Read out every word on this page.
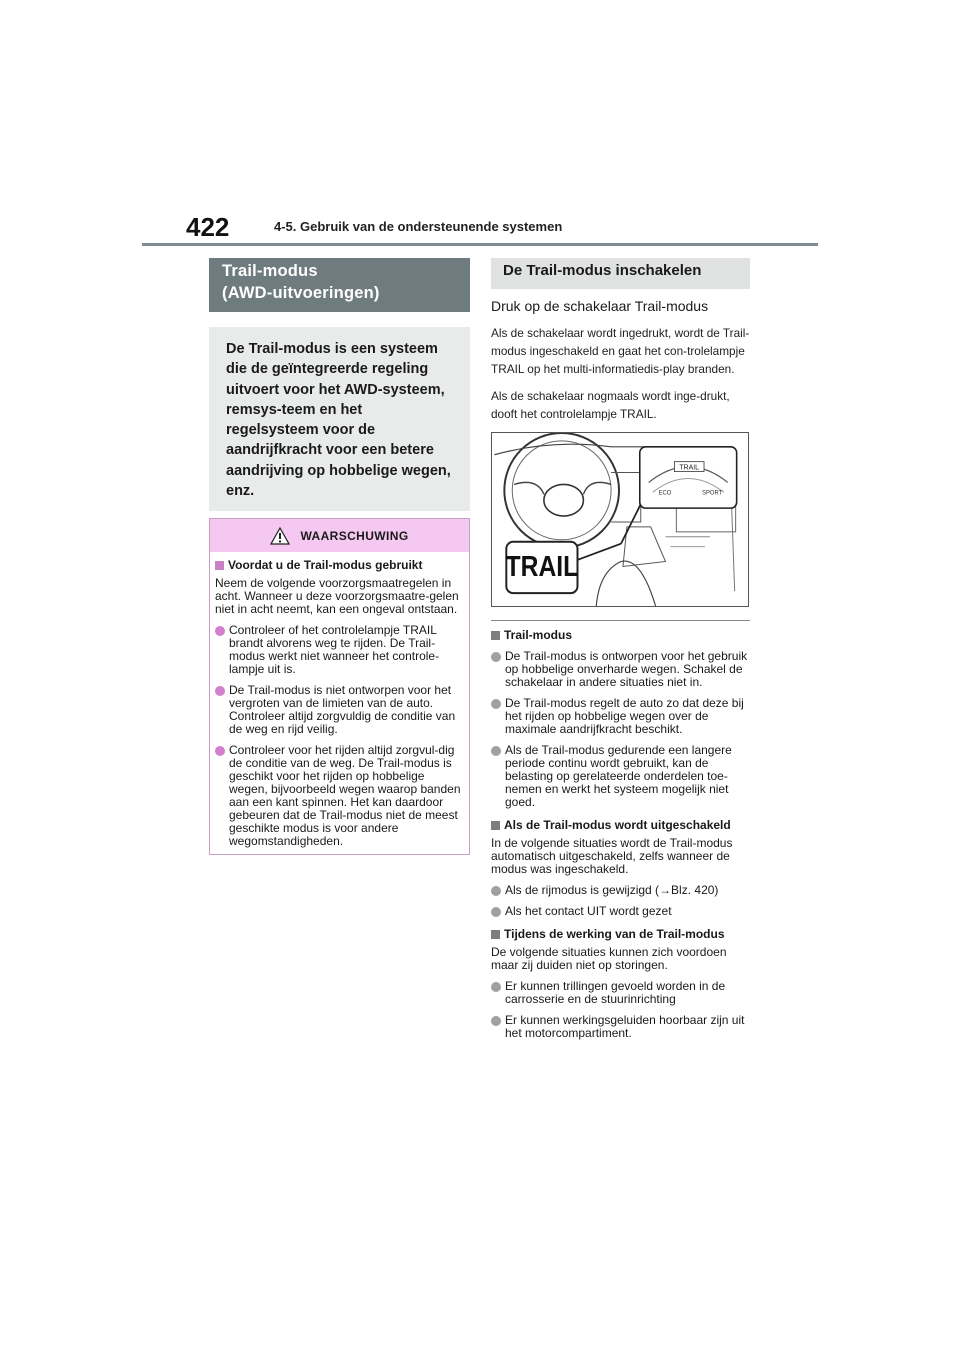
422	4-5. Gebruik van de ondersteunende systemen
Trail-modus
(AWD-uitvoeringen)
De Trail-modus is een systeem die de geïntegreerde regeling uitvoert voor het AWD-systeem, remsys-teem en het regelsysteem voor de aandrijfkracht voor een betere aandrijving op hobbelige wegen, enz.
WAARSCHUWING
Voordat u de Trail-modus gebruikt

Neem de volgende voorzorgsmaatregelen in acht. Wanneer u deze voorzorgsmaatre-gelen niet in acht neemt, kan een ongeval ontstaan.

Controleer of het controlelampje TRAIL brandt alvorens weg te rijden. De Trail-modus werkt niet wanneer het controle-lampje uit is.
De Trail-modus is niet ontworpen voor het vergroten van de limieten van de auto. Controleer altijd zorgvuldig de conditie van de weg en rijd veilig.
Controleer voor het rijden altijd zorgvul-dig de conditie van de weg. De Trail-modus is geschikt voor het rijden op hobbelige wegen, bijvoorbeeld wegen waarop banden aan een kant spinnen. Het kan daardoor gebeuren dat de Trail-modus niet de meest geschikte modus is voor andere wegomstandigheden.
De Trail-modus inschakelen
Druk op de schakelaar Trail-modus

Als de schakelaar wordt ingedrukt, wordt de Trail-modus ingeschakeld en gaat het con-trolelampje TRAIL op het multi-informatiedis-play branden.

Als de schakelaar nogmaals wordt inge-drukt, dooft het controlelampje TRAIL.

TRAIL
ECO	SPORT
TRAIL
Trail-modus
De Trail-modus is ontworpen voor het gebruik op hobbelige onverharde wegen. Schakel de schakelaar in andere situaties niet in.
De Trail-modus regelt de auto zo dat deze bij het rijden op hobbelige wegen over de maximale aandrijfkracht beschikt.
Als de Trail-modus gedurende een langere periode continu wordt gebruikt, kan de belasting op gerelateerde onderdelen toe-nemen en werkt het systeem mogelijk niet goed.
Als de Trail-modus wordt uitgeschakeld

In de volgende situaties wordt de Trail-modus automatisch uitgeschakeld, zelfs wanneer de modus was ingeschakeld.

Als de rijmodus is gewijzigd (→Blz. 420)
Als het contact UIT wordt gezet
Tijdens de werking van de Trail-modus

De volgende situaties kunnen zich voordoen maar zij duiden niet op storingen.

Er kunnen trillingen gevoeld worden in de carrosserie en de stuurinrichting
Er kunnen werkingsgeluiden hoorbaar zijn uit het motorcompartiment.
